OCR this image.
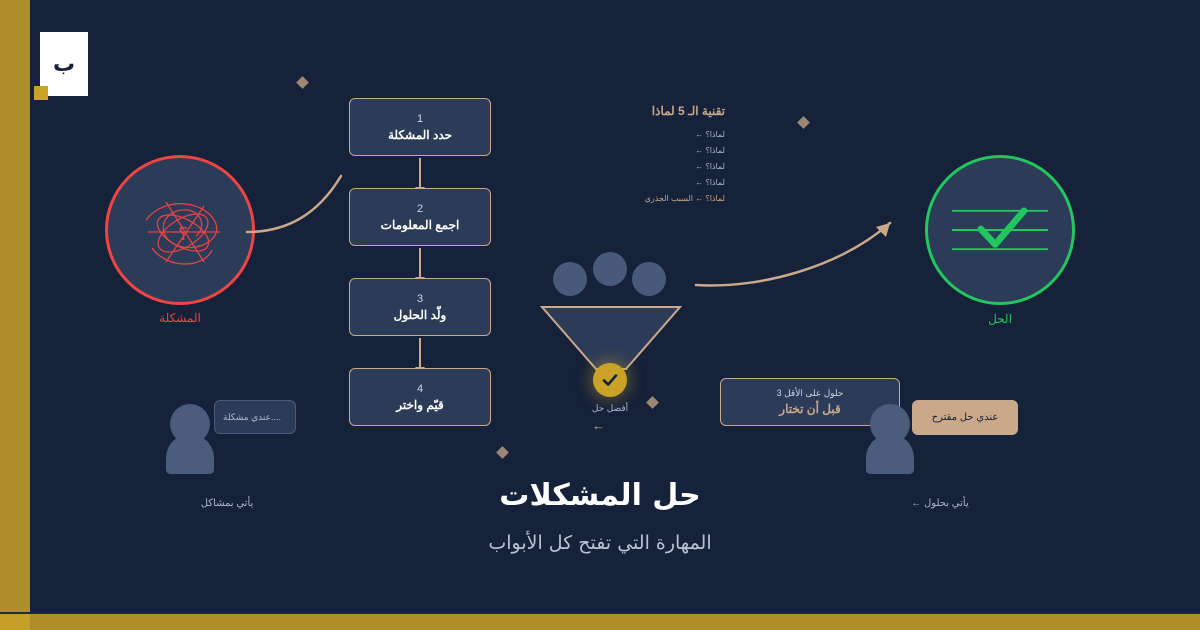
ب
؟
المشكلة
1
حدد المشكلة
2
اجمع المعلومات
3
ولّد الحلول
4
قيّم واختر
تقنية الـ 5 لماذا
لماذا؟ ←
لماذا؟ ←
لماذا؟ ←
لماذا؟ ←
لماذا؟ ← السبب الجذري
أفضل حل
←
الحل
حلول على الأقل 3
قبل أن تختار
....عندي مشكلة
يأتي بمشاكل
عندي حل مقترح
يأتي بحلول ←
حل المشكلات
المهارة التي تفتح كل الأبواب
